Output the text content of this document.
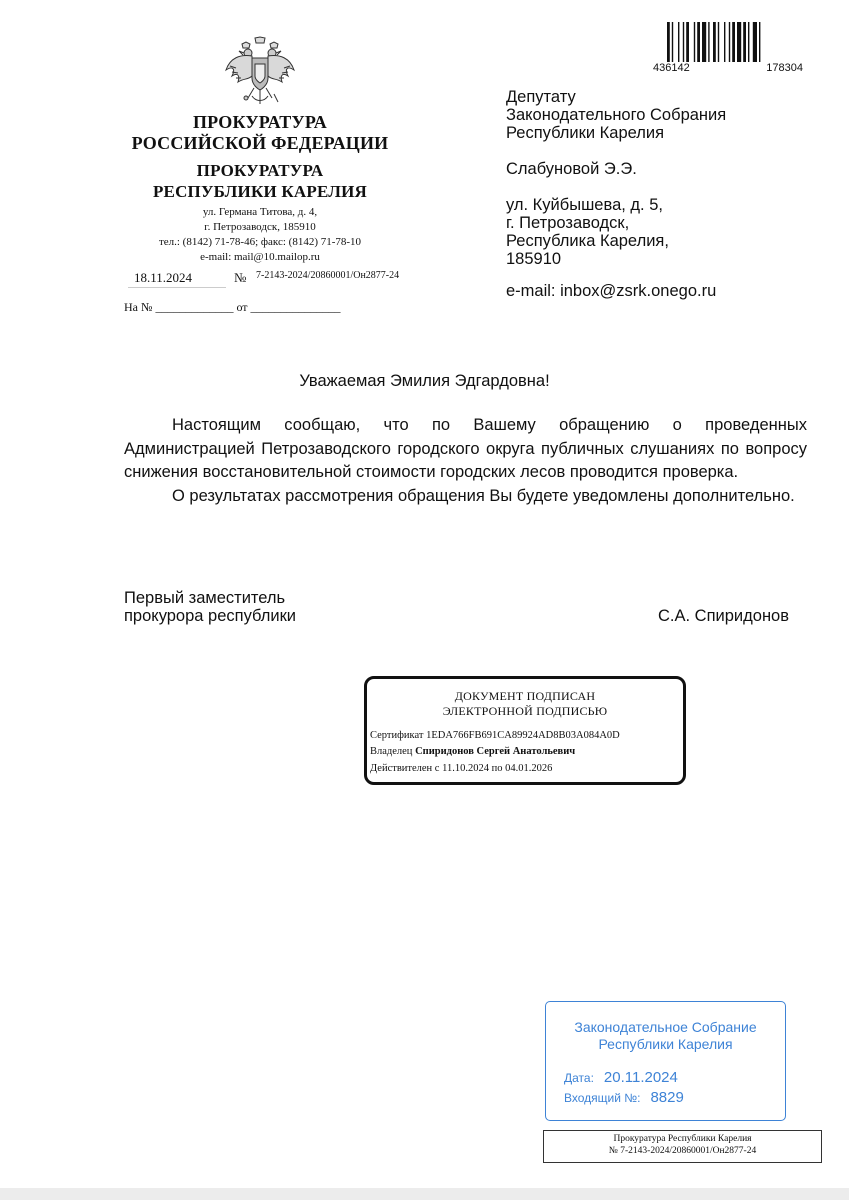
ПРОКУРАТУРА
РОССИЙСКОЙ ФЕДЕРАЦИИ
ПРОКУРАТУРА
РЕСПУБЛИКИ КАРЕЛИЯ
ул. Германа Титова, д. 4,
г. Петрозаводск, 185910
тел.: (8142) 71-78-46; факс: (8142) 71-78-10
e-mail: mail@10.mailop.ru
18.11.2024	№ 7-2143-2024/20860001/Он2877-24
На № _____________ от _______________
436142	178304
Депутату
Законодательного Собрания
Республики Карелия
Слабуновой Э.Э.
ул. Куйбышева, д. 5,
г. Петрозаводск,
Республика Карелия,
185910
e-mail: inbox@zsrk.onego.ru
Уважаемая Эмилия Эдгардовна!

Настоящим сообщаю, что по Вашему обращению о проведенных Администрацией Петрозаводского городского округа публичных слушаниях по вопросу снижения восстановительной стоимости городских лесов проводится проверка.

О результатах рассмотрения обращения Вы будете уведомлены дополнительно.

Первый заместитель
прокурора республики	С.А. Спиридонов
ДОКУМЕНТ ПОДПИСАН
ЭЛЕКТРОННОЙ ПОДПИСЬЮ
Сертификат 1EDA766FB691CA89924AD8B03A084A0D
Владелец Спиридонов Сергей Анатольевич
Действителен с 11.10.2024 по 04.01.2026
Законодательное Собрание
Республики Карелия
Дата: 20.11.2024
Входящий №: 8829
Прокуратура Республики Карелия
№ 7-2143-2024/20860001/Он2877-24
